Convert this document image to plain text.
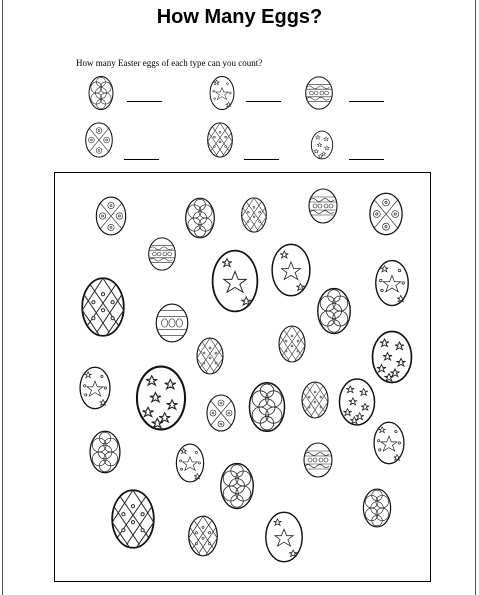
How Many Eggs?
How many Easter eggs of each type can you count?
